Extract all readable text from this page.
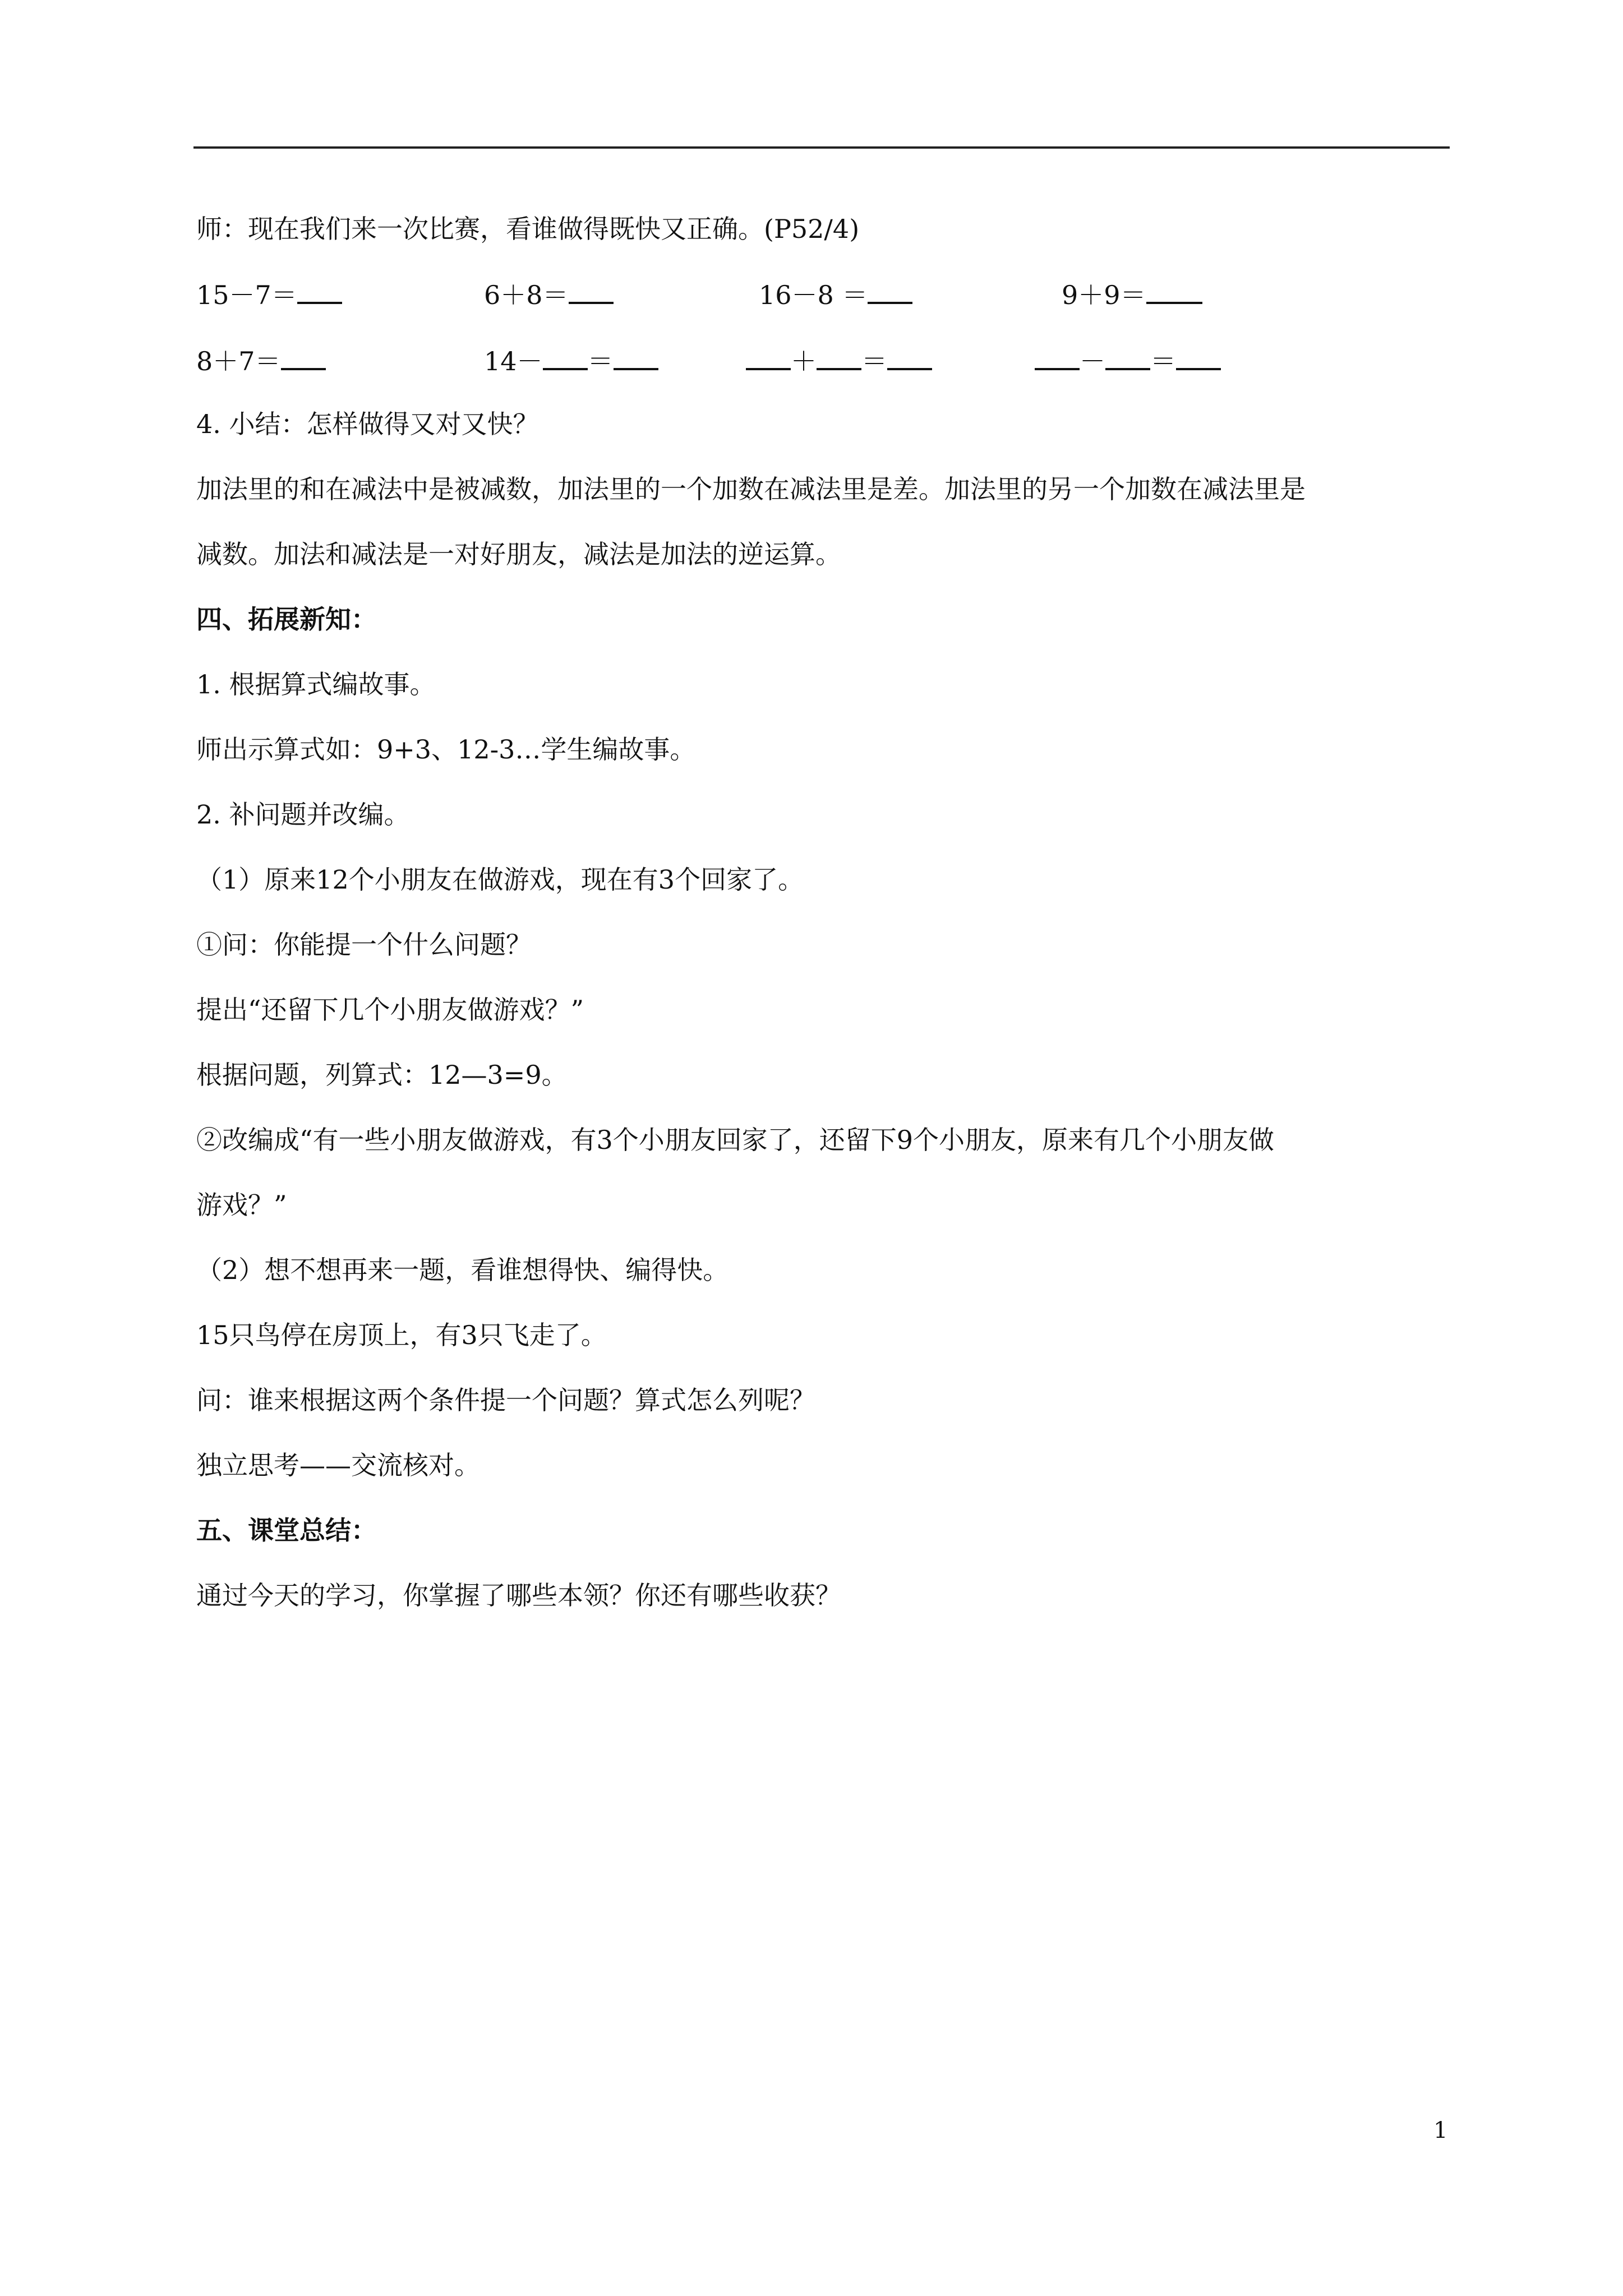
师：现在我们来一次比赛，看谁做得既快又正确。(P52/4)
15－7＝	6＋8＝	16－8 ＝	9＋9＝
8＋7＝	14－ ＝	＋ ＝	－ ＝
4. 小结：怎样做得又对又快？
加法里的和在减法中是被减数，加法里的一个加数在减法里是差。加法里的另一个加数在减法里是
减数。加法和减法是一对好朋友，减法是加法的逆运算。
四、拓展新知：
1. 根据算式编故事。
师出示算式如：9+3、12-3…学生编故事。
2. 补问题并改编。
（1）原来12个小朋友在做游戏，现在有3个回家了。
①问：你能提一个什么问题？
提出“还留下几个小朋友做游戏？”
根据问题，列算式：12—3=9。
②改编成“有一些小朋友做游戏，有3个小朋友回家了，还留下9个小朋友，原来有几个小朋友做
游戏？”
（2）想不想再来一题，看谁想得快、编得快。
15只鸟停在房顶上，有3只飞走了。
问：谁来根据这两个条件提一个问题？算式怎么列呢？
独立思考——交流核对。
五、课堂总结：
通过今天的学习，你掌握了哪些本领？你还有哪些收获？
1
